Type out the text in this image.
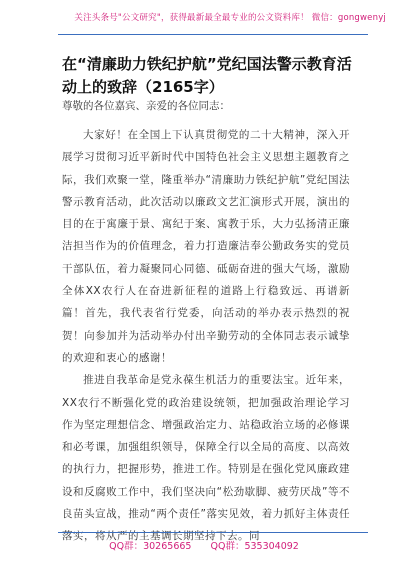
关注头条号"公文研究"，获得最新最全最专业的公文资料库！ 微信：gongwenyj
在“清廉助力铁纪护航”党纪国法警示教育活动上的致辞（2165字）
尊敬的各位嘉宾、亲爱的各位同志：

大家好！在全国上下认真贯彻党的二十大精神，深入开展学习贯彻习近平新时代中国特色社会主义思想主题教育之际，我们欢聚一堂，隆重举办“清廉助力铁纪护航”党纪国法警示教育活动，此次活动以廉政文艺汇演形式开展，演出的目的在于寓廉于景、寓纪于案、寓教于乐，大力弘扬清正廉洁担当作为的价值理念，着力打造廉洁奉公勤政务实的党员干部队伍，着力凝聚同心同德、砥砺奋进的强大气场，激励全体XX农行人在奋进新征程的道路上行稳致远、再谱新篇！首先，我代表省行党委，向活动的举办表示热烈的祝贺！向参加并为活动举办付出辛勤劳动的全体同志表示诚挚的欢迎和衷心的感谢！

推进自我革命是党永葆生机活力的重要法宝。近年来，XX农行不断强化党的政治建设统领，把加强政治理论学习作为坚定理想信念、增强政治定力、站稳政治立场的必修课和必考课，加强组织领导，保障全行以全局的高度、以高效的执行力，把握形势，推进工作。特别是在强化党风廉政建设和反腐败工作中，我们坚决向“松劲歇脚、疲劳厌战”等不良苗头宣战，推动“两个责任”落实见效，着力抓好主体责任落实，将从严的主基调长期坚持下去。同

QQ群：30265665 QQ群：535304092
